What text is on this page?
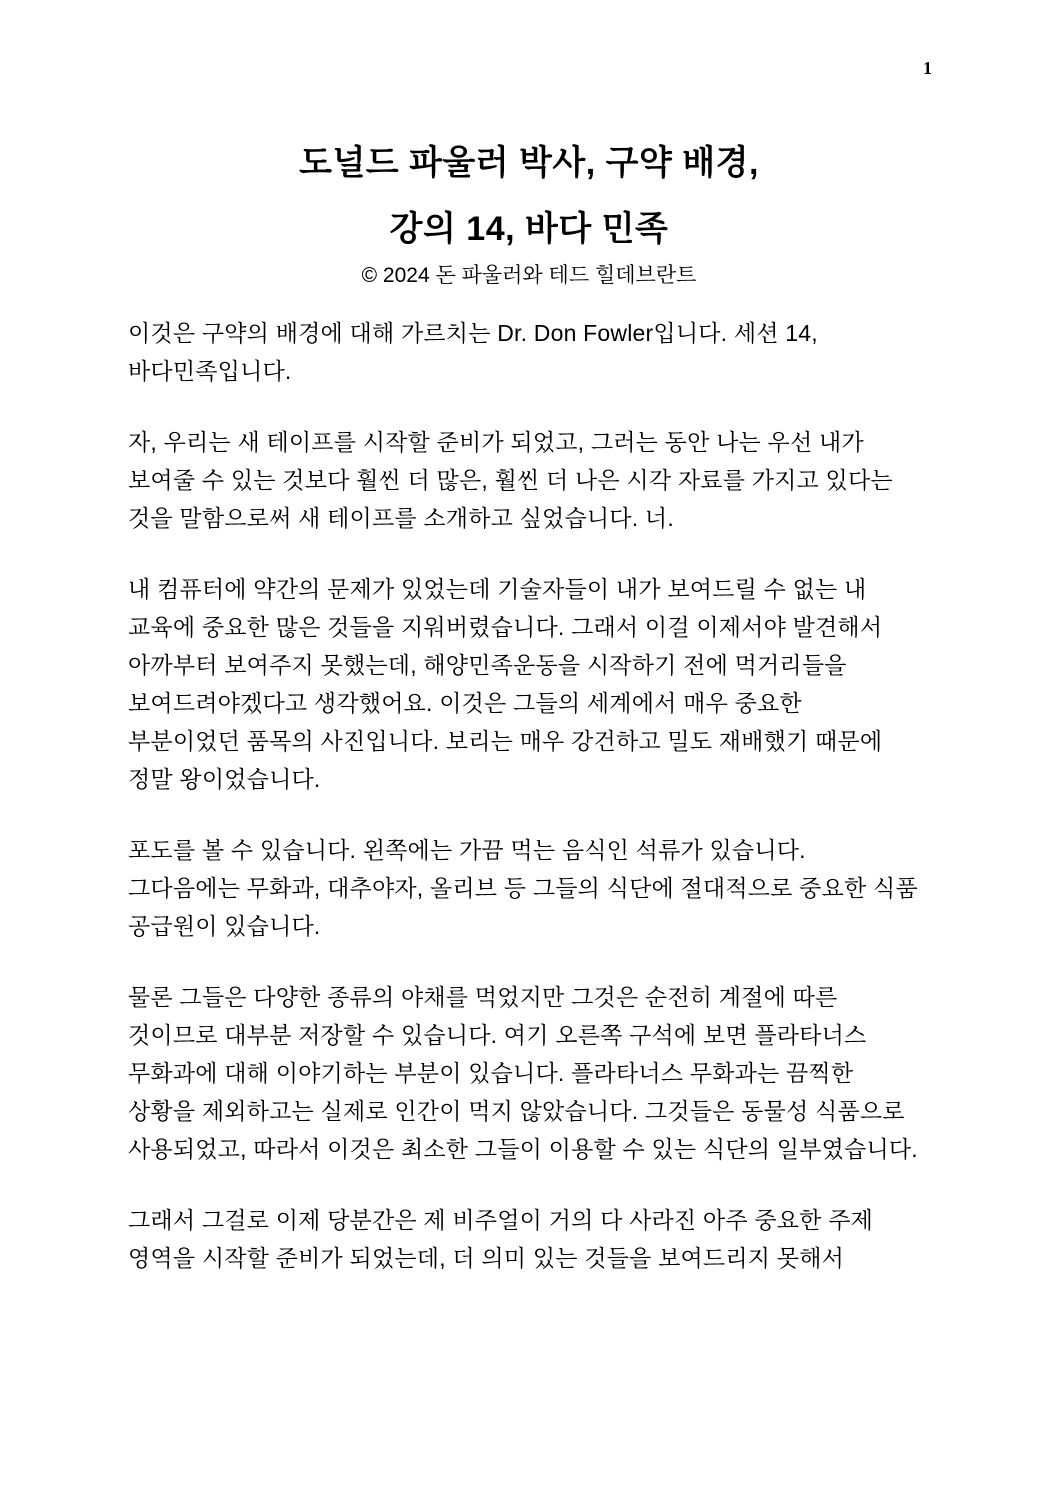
1
도널드 파울러 박사, 구약 배경,
강의 14, 바다 민족
© 2024 돈 파울러와 테드 힐데브란트

이것은 구약의 배경에 대해 가르치는 Dr. Don Fowler입니다. 세션 14,
바다민족입니다.

자, 우리는 새 테이프를 시작할 준비가 되었고, 그러는 동안 나는 우선 내가
보여줄 수 있는 것보다 훨씬 더 많은, 훨씬 더 나은 시각 자료를 가지고 있다는
것을 말함으로써 새 테이프를 소개하고 싶었습니다. 너.

내 컴퓨터에 약간의 문제가 있었는데 기술자들이 내가 보여드릴 수 없는 내
교육에 중요한 많은 것들을 지워버렸습니다. 그래서 이걸 이제서야 발견해서
아까부터 보여주지 못했는데, 해양민족운동을 시작하기 전에 먹거리들을
보여드려야겠다고 생각했어요. 이것은 그들의 세계에서 매우 중요한
부분이었던 품목의 사진입니다. 보리는 매우 강건하고 밀도 재배했기 때문에
정말 왕이었습니다.

포도를 볼 수 있습니다. 왼쪽에는 가끔 먹는 음식인 석류가 있습니다.
그다음에는 무화과, 대추야자, 올리브 등 그들의 식단에 절대적으로 중요한 식품
공급원이 있습니다.

물론 그들은 다양한 종류의 야채를 먹었지만 그것은 순전히 계절에 따른
것이므로 대부분 저장할 수 있습니다. 여기 오른쪽 구석에 보면 플라타너스
무화과에 대해 이야기하는 부분이 있습니다. 플라타너스 무화과는 끔찍한
상황을 제외하고는 실제로 인간이 먹지 않았습니다. 그것들은 동물성 식품으로
사용되었고, 따라서 이것은 최소한 그들이 이용할 수 있는 식단의 일부였습니다.

그래서 그걸로 이제 당분간은 제 비주얼이 거의 다 사라진 아주 중요한 주제
영역을 시작할 준비가 되었는데, 더 의미 있는 것들을 보여드리지 못해서
